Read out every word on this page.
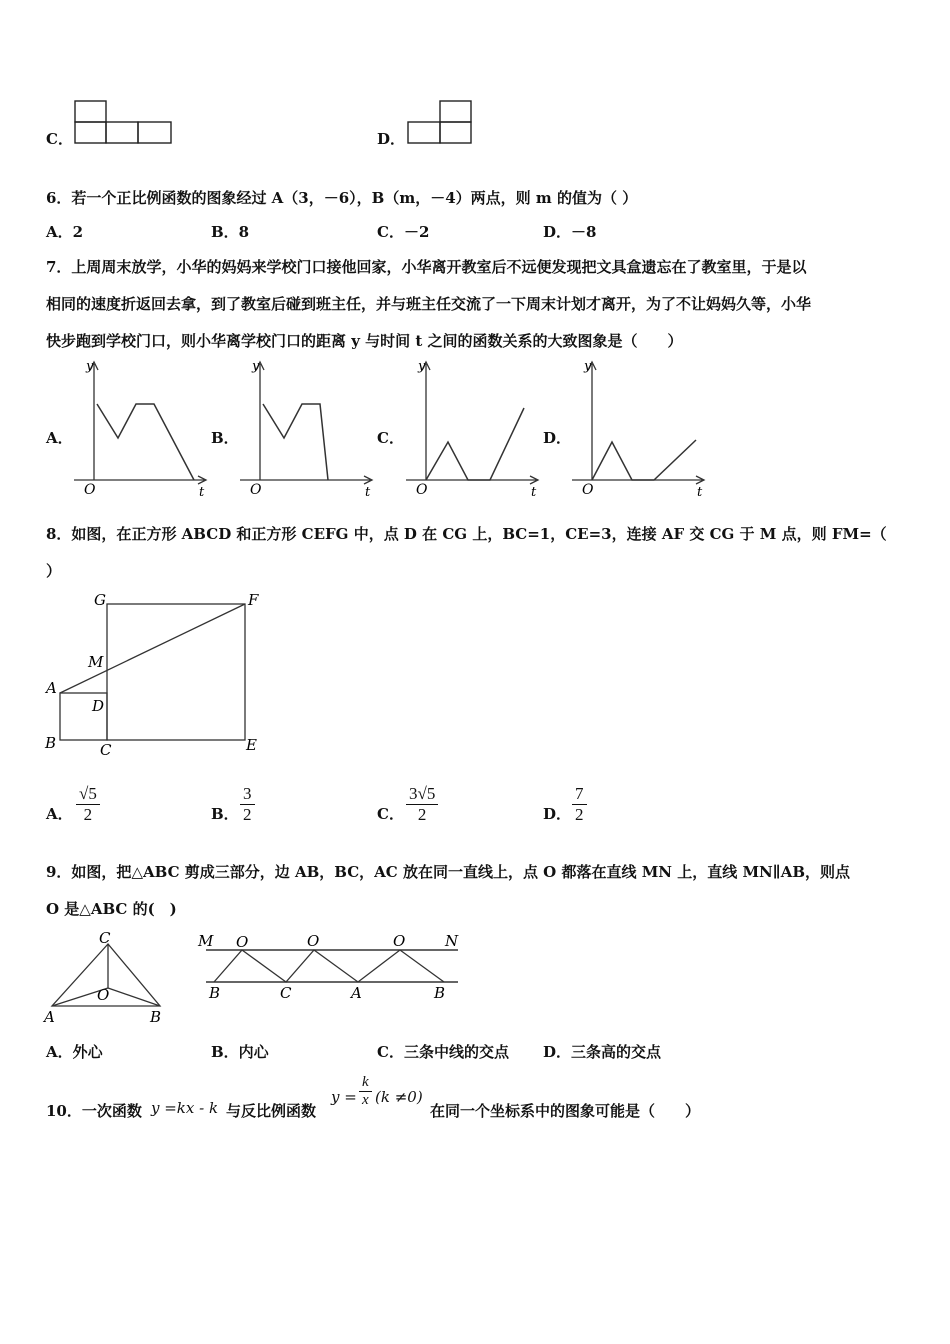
C．	D．
6．若一个正比例函数的图象经过 A（3，－6），B（m，－4）两点，则 m 的值为（ ）
A．2	B．8	C．－2	D．－8
7．上周周末放学，小华的妈妈来学校门口接他回家，小华离开教室后不远便发现把文具盒遗忘在了教室里，于是以
相同的速度折返回去拿，到了教室后碰到班主任，并与班主任交流了一下周末计划才离开，为了不让妈妈久等，小华
快步跑到学校门口，则小华离学校门口的距离 y 与时间 t 之间的函数关系的大致图象是（　　）
A．	B．	C．	D．
y
O	t
y
O	t
y
O	t
y
O	t
8．如图，在正方形 ABCD 和正方形 CEFG 中，点 D 在 CG 上，BC=1，CE=3，连接 AF 交 CG 于 M 点，则 FM=（
）
G	F
M
A
D
B	C	E
A．
√5
2	B．
3
2	C．
3√5
2	D．
7
2
9．如图，把△ABC 剪成三部分，边 AB，BC，AC 放在同一直线上，点 O 都落在直线 MN 上，直线 MN∥AB，则点
O 是△ABC 的(　)
C
O
A	B
M O	O	O	N
B	C	A	B
A．外心	B．内心	C．三条中线的交点 D．三条高的交点
10．一次函数 y =kx - k 与反比例函数
y =
k
x (k ≠0)
在同一个坐标系中的图象可能是（　　）
